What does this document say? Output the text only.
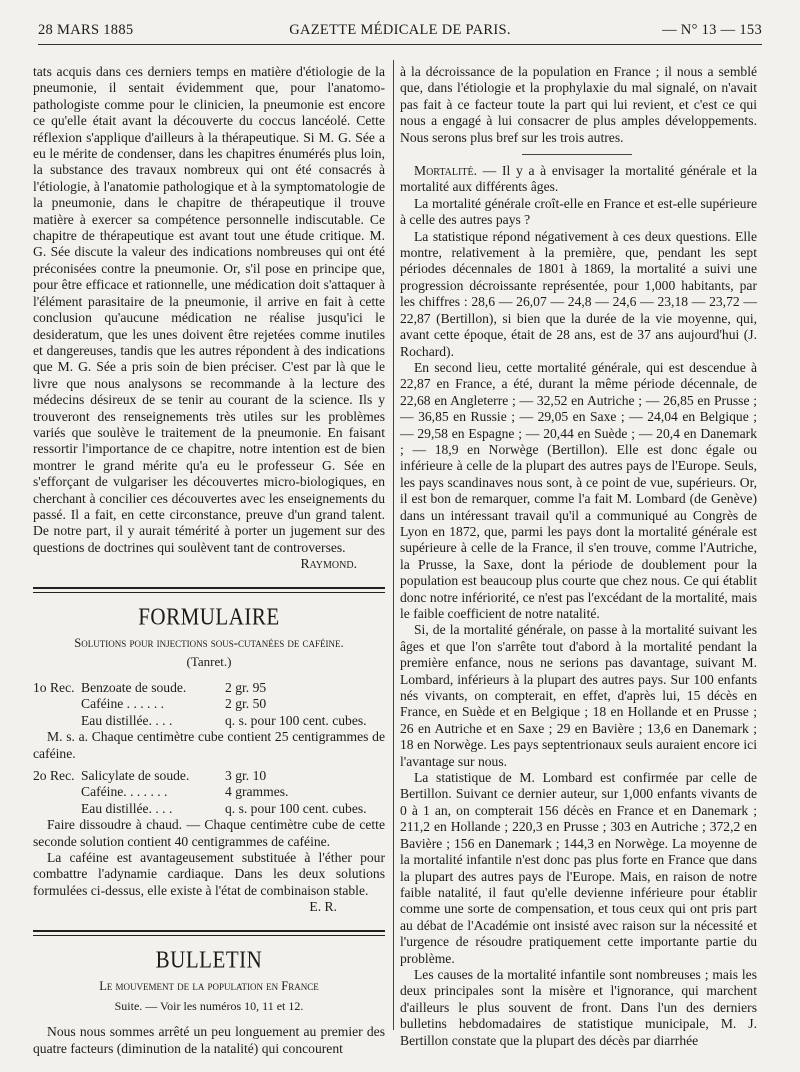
28 MARS 1885	GAZETTE MÉDICALE DE PARIS.	— N° 13 — 153

tats acquis dans ces derniers temps en matière d'étiologie de la pneumonie, il sentait évidemment que, pour l'anatomo-pathologiste comme pour le clinicien, la pneumonie est encore ce qu'elle était avant la découverte du coccus lancéolé. Cette réflexion s'applique d'ailleurs à la thérapeutique. Si M. G. Sée a eu le mérite de condenser, dans les chapitres énumérés plus loin, la substance des travaux nombreux qui ont été consacrés à l'étiologie, à l'anatomie pathologique et à la symptomatologie de la pneumonie, dans le chapitre de thérapeutique il trouve matière à exercer sa compétence personnelle indiscutable. Ce chapitre de thérapeutique est avant tout une étude critique. M. G. Sée discute la valeur des indications nombreuses qui ont été préconisées contre la pneumonie. Or, s'il pose en principe que, pour être efficace et rationnelle, une médication doit s'attaquer à l'élément parasitaire de la pneumonie, il arrive en fait à cette conclusion qu'aucune médication ne réalise jusqu'ici le desideratum, que les unes doivent être rejetées comme inutiles et dangereuses, tandis que les autres répondent à des indications que M. G. Sée a pris soin de bien préciser. C'est par là que le livre que nous analysons se recommande à la lecture des médecins désireux de se tenir au courant de la science. Ils y trouveront des renseignements très utiles sur les problèmes variés que soulève le traitement de la pneumonie. En faisant ressortir l'importance de ce chapitre, notre intention est de bien montrer le grand mérite qu'a eu le professeur G. Sée en s'efforçant de vulgariser les découvertes micro-biologiques, en cherchant à concilier ces découvertes avec les enseignements du passé. Il a fait, en cette circonstance, preuve d'un grand talent. De notre part, il y aurait témérité à porter un jugement sur des questions de doctrines qui soulèvent tant de controverses.

Raymond.

FORMULAIRE
Solutions pour injections sous-cutanées de caféine.
(Tanret.)
1o Rec. Benzoate de soude.	2 gr. 95
Caféine . . . . . .	2 gr. 50
Eau distillée. . . .	q. s. pour 100 cent. cubes.

M. s. a. Chaque centimètre cube contient 25 centigrammes de caféine.

2o Rec. Salicylate de soude.	3 gr. 10
Caféine. . . . . . .	4 grammes.
Eau distillée. . . .	q. s. pour 100 cent. cubes.

Faire dissoudre à chaud. — Chaque centimètre cube de cette seconde solution contient 40 centigrammes de caféine.

La caféine est avantageusement substituée à l'éther pour combattre l'adynamie cardiaque. Dans les deux solutions formulées ci-dessus, elle existe à l'état de combinaison stable.

E. R.

BULLETIN
Le mouvement de la population en France
Suite. — Voir les numéros 10, 11 et 12.

Nous nous sommes arrêté un peu longuement au premier des quatre facteurs (diminution de la natalité) qui concourent

à la décroissance de la population en France ; il nous a semblé que, dans l'étiologie et la prophylaxie du mal signalé, on n'avait pas fait à ce facteur toute la part qui lui revient, et c'est ce qui nous a engagé à lui consacrer de plus amples développements. Nous serons plus bref sur les trois autres.

Mortalité. — Il y a à envisager la mortalité générale et la mortalité aux différents âges.

La mortalité générale croît-elle en France et est-elle supérieure à celle des autres pays ?

La statistique répond négativement à ces deux questions. Elle montre, relativement à la première, que, pendant les sept périodes décennales de 1801 à 1869, la mortalité a suivi une progression décroissante représentée, pour 1,000 habitants, par les chiffres : 28,6 — 26,07 — 24,8 — 24,6 — 23,18 — 23,72 — 22,87 (Bertillon), si bien que la durée de la vie moyenne, qui, avant cette époque, était de 28 ans, est de 37 ans aujourd'hui (J. Rochard).

En second lieu, cette mortalité générale, qui est descendue à 22,87 en France, a été, durant la même période décennale, de 22,68 en Angleterre ; — 32,52 en Autriche ; — 26,85 en Prusse ; — 36,85 en Russie ; — 29,05 en Saxe ; — 24,04 en Belgique ; — 29,58 en Espagne ; — 20,44 en Suède ; — 20,4 en Danemark ; — 18,9 en Norwège (Bertillon). Elle est donc égale ou inférieure à celle de la plupart des autres pays de l'Europe. Seuls, les pays scandinaves nous sont, à ce point de vue, supérieurs. Or, il est bon de remarquer, comme l'a fait M. Lombard (de Genève) dans un intéressant travail qu'il a communiqué au Congrès de Lyon en 1872, que, parmi les pays dont la mortalité générale est supérieure à celle de la France, il s'en trouve, comme l'Autriche, la Prusse, la Saxe, dont la période de doublement pour la population est beaucoup plus courte que chez nous. Ce qui établit donc notre infériorité, ce n'est pas l'excédant de la mortalité, mais le faible coefficient de notre natalité.

Si, de la mortalité générale, on passe à la mortalité suivant les âges et que l'on s'arrête tout d'abord à la mortalité pendant la première enfance, nous ne serions pas davantage, suivant M. Lombard, inférieurs à la plupart des autres pays. Sur 100 enfants nés vivants, on compterait, en effet, d'après lui, 15 décès en France, en Suède et en Belgique ; 18 en Hollande et en Prusse ; 26 en Autriche et en Saxe ; 29 en Bavière ; 13,6 en Danemark ; 18 en Norwège. Les pays septentrionaux seuls auraient encore ici l'avantage sur nous.

La statistique de M. Lombard est confirmée par celle de Bertillon. Suivant ce dernier auteur, sur 1,000 enfants vivants de 0 à 1 an, on compterait 156 décès en France et en Danemark ; 211,2 en Hollande ; 220,3 en Prusse ; 303 en Autriche ; 372,2 en Bavière ; 156 en Danemark ; 144,3 en Norwège. La moyenne de la mortalité infantile n'est donc pas plus forte en France que dans la plupart des autres pays de l'Europe. Mais, en raison de notre faible natalité, il faut qu'elle devienne inférieure pour établir comme une sorte de compensation, et tous ceux qui ont pris part au débat de l'Académie ont insisté avec raison sur la nécessité et l'urgence de résoudre pratiquement cette importante partie du problème.

Les causes de la mortalité infantile sont nombreuses ; mais les deux principales sont la misère et l'ignorance, qui marchent d'ailleurs le plus souvent de front. Dans l'un des derniers bulletins hebdomadaires de statistique municipale, M. J. Bertillon constate que la plupart des décès par diarrhée
